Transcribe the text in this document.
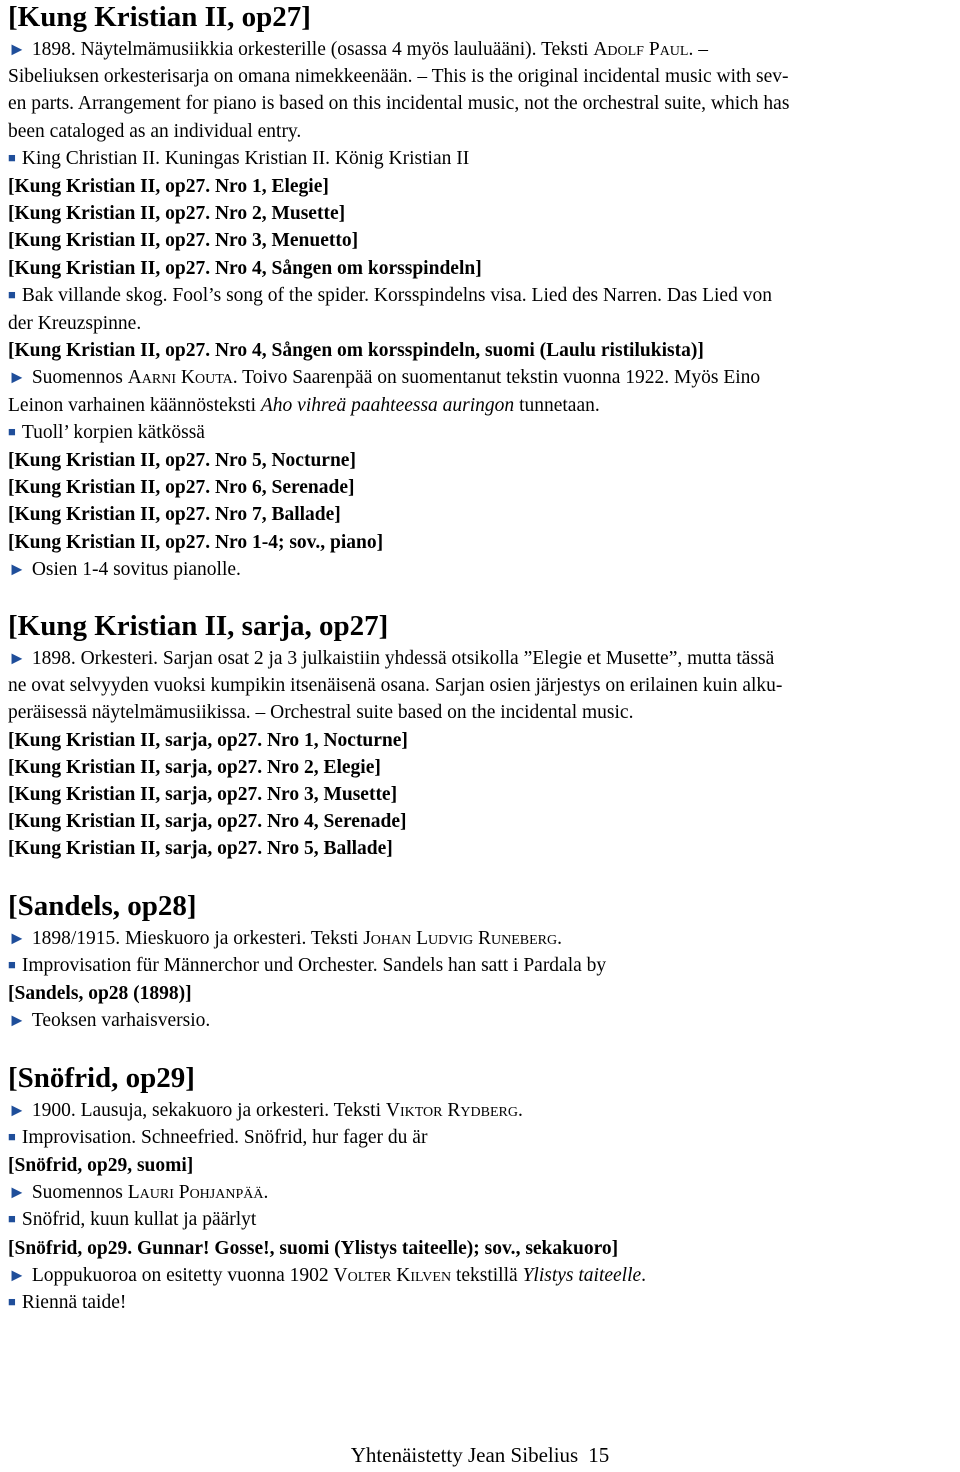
[Kung Kristian II, op27]
► 1898. Näytelmämusiikkia orkesterille (osassa 4 myös lauluääni). Teksti Adolf Paul. –
Sibeliuksen orkesterisarja on omana nimekkeenään. – This is the original incidental music with sev-
en parts. Arrangement for piano is based on this incidental music, not the orchestral suite, which has
been cataloged as an individual entry.
■ King Christian II. Kuningas Kristian II. König Kristian II
[Kung Kristian II, op27. Nro 1, Elegie]
[Kung Kristian II, op27. Nro 2, Musette]
[Kung Kristian II, op27. Nro 3, Menuetto]
[Kung Kristian II, op27. Nro 4, Sången om korsspindeln]
■ Bak villande skog. Fool’s song of the spider. Korsspindelns visa. Lied des Narren. Das Lied von
der Kreuzspinne.
[Kung Kristian II, op27. Nro 4, Sången om korsspindeln, suomi (Laulu ristilukista)]
► Suomennos Aarni Kouta. Toivo Saarenpää on suomentanut tekstin vuonna 1922. Myös Eino
Leinon varhainen käännösteksti Aho vihreä paahteessa auringon tunnetaan.
■ Tuoll’ korpien kätkössä
[Kung Kristian II, op27. Nro 5, Nocturne]
[Kung Kristian II, op27. Nro 6, Serenade]
[Kung Kristian II, op27. Nro 7, Ballade]
[Kung Kristian II, op27. Nro 1-4; sov., piano]
► Osien 1-4 sovitus pianolle.
[Kung Kristian II, sarja, op27]
► 1898. Orkesteri. Sarjan osat 2 ja 3 julkaistiin yhdessä otsikolla ”Elegie et Musette”, mutta tässä
ne ovat selvyyden vuoksi kumpikin itsenäisenä osana. Sarjan osien järjestys on erilainen kuin alku-
peräisessä näytelmämusiikissa. – Orchestral suite based on the incidental music.
[Kung Kristian II, sarja, op27. Nro 1, Nocturne]
[Kung Kristian II, sarja, op27. Nro 2, Elegie]
[Kung Kristian II, sarja, op27. Nro 3, Musette]
[Kung Kristian II, sarja, op27. Nro 4, Serenade]
[Kung Kristian II, sarja, op27. Nro 5, Ballade]
[Sandels, op28]
► 1898/1915. Mieskuoro ja orkesteri. Teksti Johan Ludvig Runeberg.
■ Improvisation für Männerchor und Orchester. Sandels han satt i Pardala by
[Sandels, op28 (1898)]
► Teoksen varhaisversio.
[Snöfrid, op29]
► 1900. Lausuja, sekakuoro ja orkesteri. Teksti Viktor Rydberg.
■ Improvisation. Schneefried. Snöfrid, hur fager du är
[Snöfrid, op29, suomi]
► Suomennos Lauri Pohjanpää.
■ Snöfrid, kuun kullat ja päärlyt
[Snöfrid, op29. Gunnar! Gosse!, suomi (Ylistys taiteelle); sov., sekakuoro]
► Loppukuoroa on esitetty vuonna 1902 Volter Kilven tekstillä Ylistys taiteelle.
■ Riennä taide!
Yhtenäistetty Jean Sibelius 15
